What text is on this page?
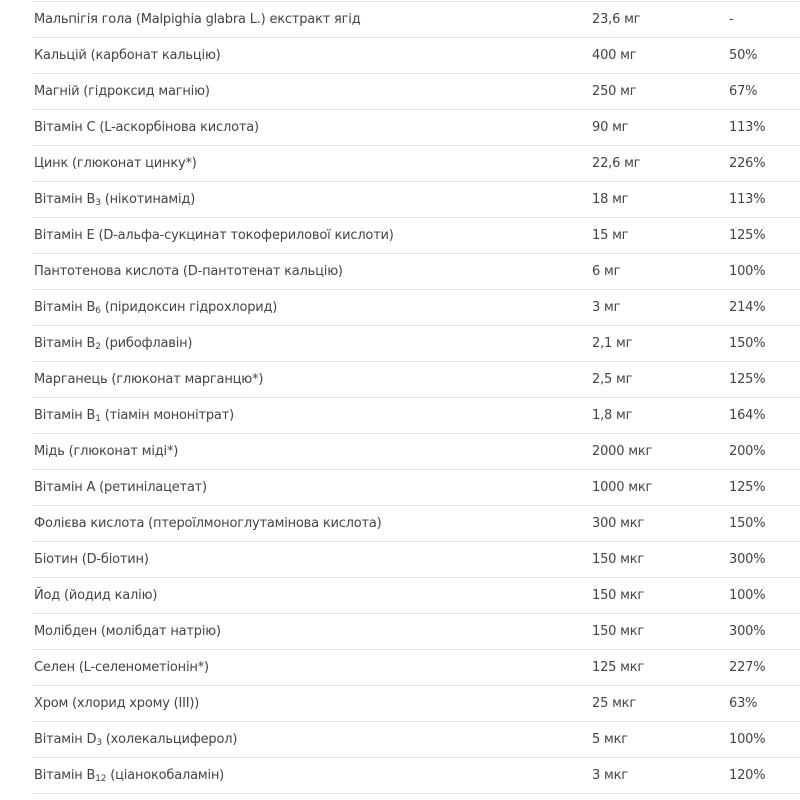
Мальпігія гола (Malpighia glabra L.) екстракт ягід	23,6 мг	-
Кальцій (карбонат кальцію)	400 мг	50%
Магній (гідроксид магнію)	250 мг	67%
Вітамін C (L-аскорбінова кислота)	90 мг	113%
Цинк (глюконат цинку*)	22,6 мг	226%
Вітамін $B_3$ (нікотинамід)	18 мг	113%
Вітамін E (D-альфа-сукцинат токоферилової кислоти)	15 мг	125%
Пантотенова кислота (D-пантотенат кальцію)	6 мг	100%
Вітамін $B_6$ (піридоксин гідрохлорид)	3 мг	214%
Вітамін $B_2$ (рибофлавін)	2,1 мг	150%
Марганець (глюконат марганцю*)	2,5 мг	125%
Вітамін $B_1$ (тіамін мононітрат)	1,8 мг	164%
Мідь (глюконат міді*)	2000 мкг	200%
Вітамін A (ретинілацетат)	1000 мкг	125%
Фолієва кислота (птероїлмоноглутамінова кислота)	300 мкг	150%
Біотин (D-біотин)	150 мкг	300%
Йод (йодид калію)	150 мкг	100%
Молібден (молібдат натрію)	150 мкг	300%
Селен (L-селенометіонін*)	125 мкг	227%
Хром (хлорид хрому (III))	25 мкг	63%
Вітамін $D_3$ (холекальциферол)	5 мкг	100%
Вітамін $B_{12}$ (ціанокобаламін)	3 мкг	120%
